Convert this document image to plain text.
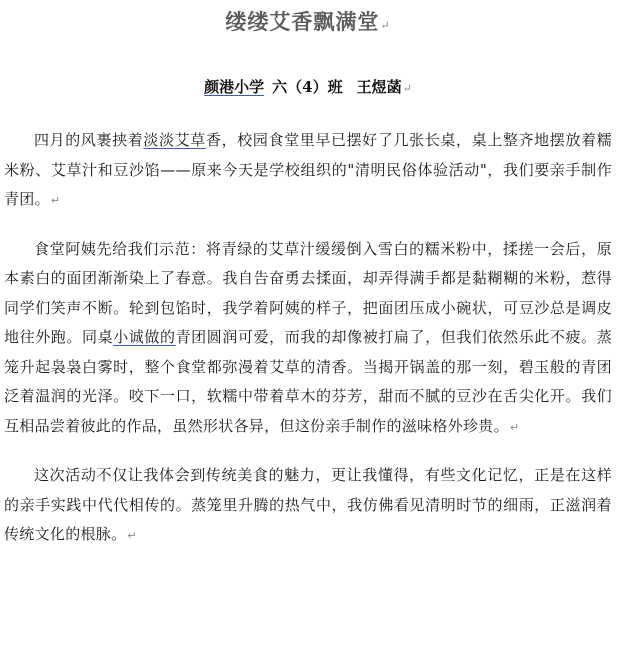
缕缕艾香飘满堂↵
颜港小学 六（4）班 王煜菡↵

四月的风裹挟着淡淡艾草香，校园食堂里早已摆好了几张长桌，桌上整齐地摆放着糯米粉、艾草汁和豆沙馅——原来今天是学校组织的"清明民俗体验活动"，我们要亲手制作青团。↵

食堂阿姨先给我们示范：将青绿的艾草汁缓缓倒入雪白的糯米粉中，揉搓一会后，原本素白的面团渐渐染上了春意。我自告奋勇去揉面，却弄得满手都是黏糊糊的米粉，惹得同学们笑声不断。轮到包馅时，我学着阿姨的样子，把面团压成小碗状，可豆沙总是调皮地往外跑。同桌小诚做的青团圆润可爱，而我的却像被打扁了，但我们依然乐此不疲。蒸笼升起袅袅白雾时，整个食堂都弥漫着艾草的清香。当揭开锅盖的那一刻，碧玉般的青团泛着温润的光泽。咬下一口，软糯中带着草木的芬芳，甜而不腻的豆沙在舌尖化开。我们互相品尝着彼此的作品，虽然形状各异，但这份亲手制作的滋味格外珍贵。↵

这次活动不仅让我体会到传统美食的魅力，更让我懂得，有些文化记忆，正是在这样的亲手实践中代代相传的。蒸笼里升腾的热气中，我仿佛看见清明时节的细雨，正滋润着传统文化的根脉。↵
